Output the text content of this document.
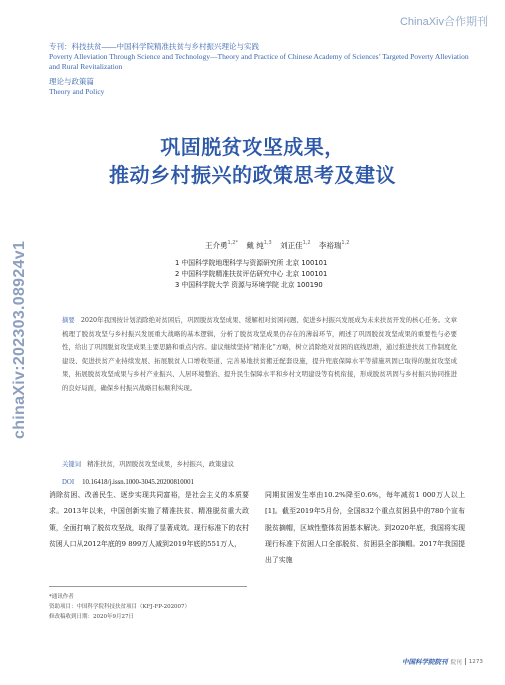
ChinaXiv合作期刊
chinaXiv:202303.08924v1
专刊：科技扶贫——中国科学院精准扶贫与乡村振兴理论与实践
Poverty Alleviation Through Science and Technology—Theory and Practice of Chinese Academy of Sciences’ Targeted Poverty Alleviation and Rural Revitalization
理论与政策篇
Theory and Policy
巩固脱贫攻坚成果，
推动乡村振兴的政策思考及建议
王介勇$^{1,2*}$ 戴 纯$^{1,3}$ 刘正佳$^{1,2}$ 李裕瑞$^{1,2}$
1 中国科学院地理科学与资源研究所 北京 100101
2 中国科学院精准扶贫评估研究中心 北京 100101
3 中国科学院大学 资源与环境学院 北京 100190
摘要 2020年我国按计划消除绝对贫困后，巩固脱贫攻坚成果、缓解相对贫困问题、促进乡村振兴发展成为未来扶贫开发的核心任务。文章梳理了脱贫攻坚与乡村振兴发展重大战略的基本逻辑，分析了脱贫攻坚成果仍存在的薄弱环节，阐述了巩固脱贫攻坚成果的重要性与必要性，给出了巩固脱贫攻坚成果主要思路和重点内容。建议继续坚持“精准化”方略，树立消除绝对贫困的底线思维，通过推进扶贫工作制度化建设、促进扶贫产业持续发展、拓展脱贫人口增收渠道、完善易地扶贫搬迁配套设施，提升兜底保障水平等措施巩固已取得的脱贫攻坚成果，拓展脱贫攻坚成果与乡村产业振兴、人居环境整治、提升民生保障水平和乡村文明建设等有机衔接，形成脱贫巩固与乡村振兴协同推进的良好局面，确保乡村振兴战略目标顺利实现。
关键词 精准扶贫，巩固脱贫攻坚成果，乡村振兴，政策建议
DOI 10.16418/j.issn.1000-3045.20200810001
消除贫困、改善民生、逐步实现共同富裕，是社会主义的本质要求。2013年以来，中国创新实施了精准扶贫、精准脱贫重大政策，全面打响了脱贫攻坚战，取得了显著成效。现行标准下的农村贫困人口从2012年底的9 899万人减到2019年底的551万人，
同期贫困发生率由10.2%降至0.6%，每年减贫1 000万人以上[1]。截至2019年5月份，全国832个重点贫困县中的780个宣布脱贫摘帽，区域性整体贫困基本解决。到2020年底，我国将实现现行标准下贫困人口全部脱贫、贫困县全部摘帽。2017年我国提出了实施
*通讯作者
资助项目：中国科学院科技扶贫项目（KFJ-FP-202007）
修改稿收到日期：2020年9月27日
中国科学院院刊 院刊 1273
